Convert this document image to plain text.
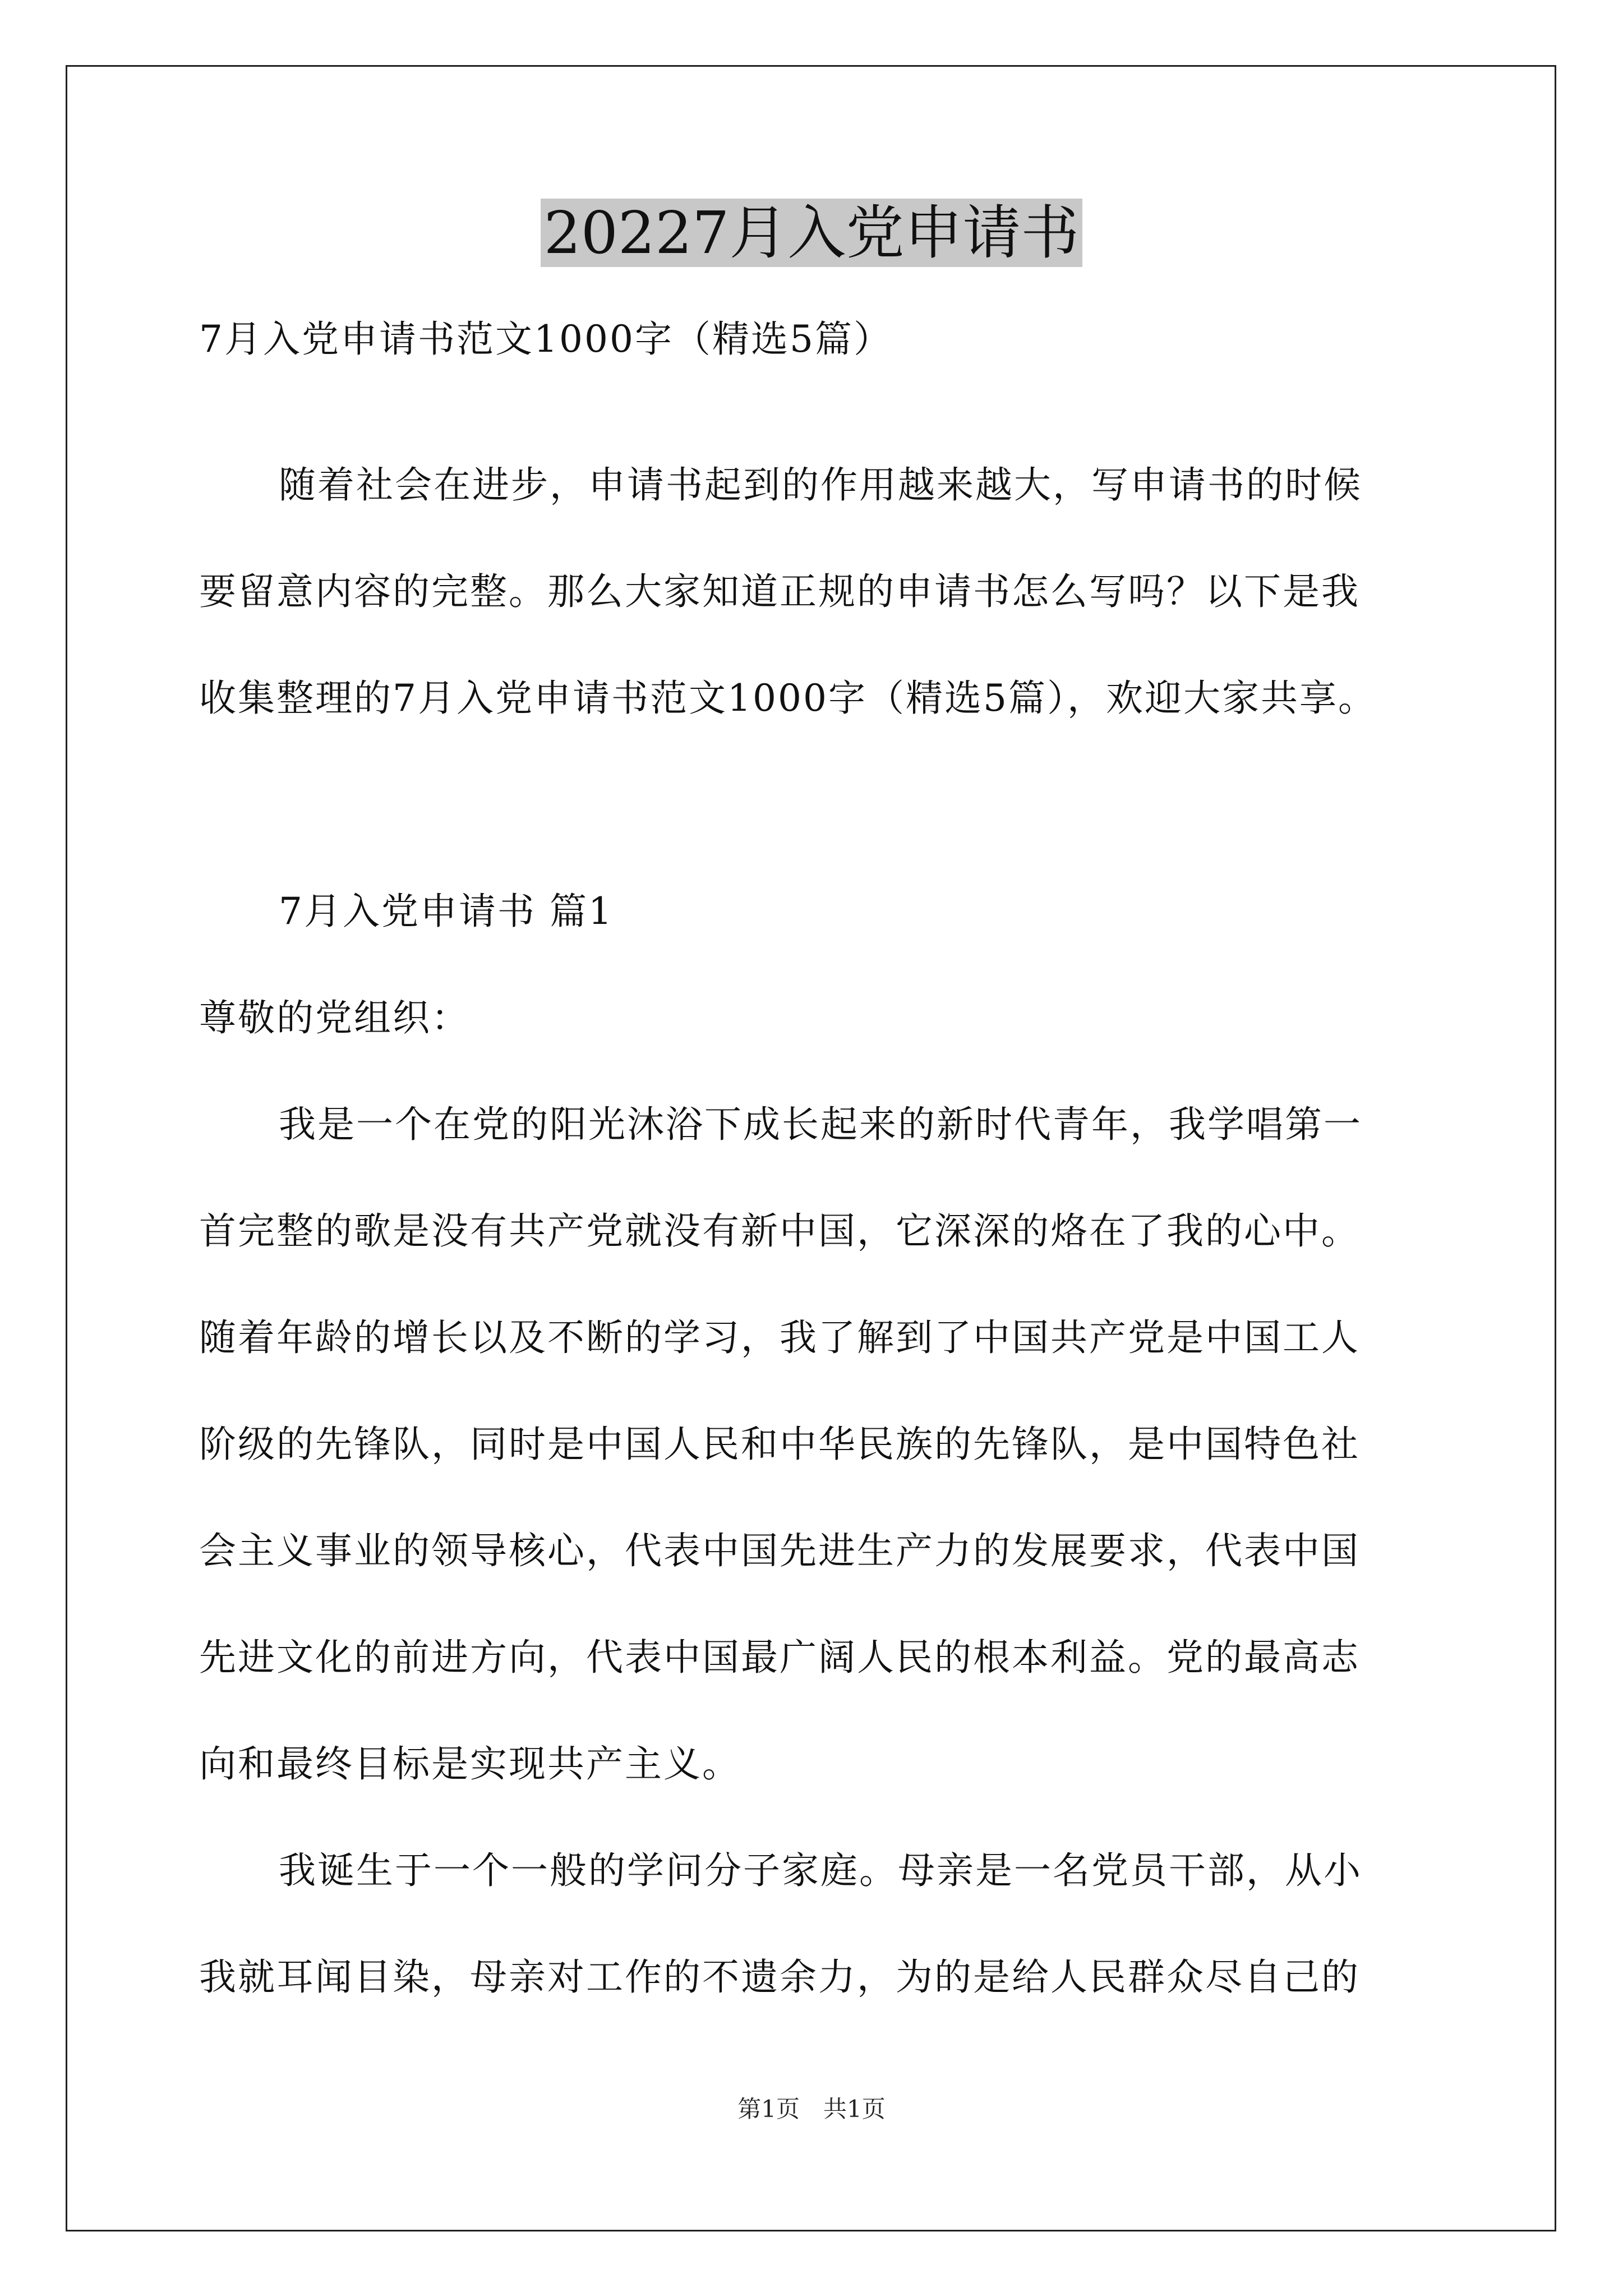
20227月入党申请书
7月入党申请书范文1000字（精选5篇）
随着社会在进步，申请书起到的作用越来越大，写申请书的时候
要留意内容的完整。那么大家知道正规的申请书怎么写吗？以下是我
收集整理的7月入党申请书范文1000字（精选5篇），欢迎大家共享。
7月入党申请书 篇1
尊敬的党组织：
我是一个在党的阳光沐浴下成长起来的新时代青年，我学唱第一
首完整的歌是没有共产党就没有新中国，它深深的烙在了我的心中。
随着年龄的增长以及不断的学习，我了解到了中国共产党是中国工人
阶级的先锋队，同时是中国人民和中华民族的先锋队，是中国特色社
会主义事业的领导核心，代表中国先进生产力的发展要求，代表中国
先进文化的前进方向，代表中国最广阔人民的根本利益。党的最高志
向和最终目标是实现共产主义。
我诞生于一个一般的学问分子家庭。母亲是一名党员干部，从小
我就耳闻目染，母亲对工作的不遗余力，为的是给人民群众尽自己的
第1页　共1页
